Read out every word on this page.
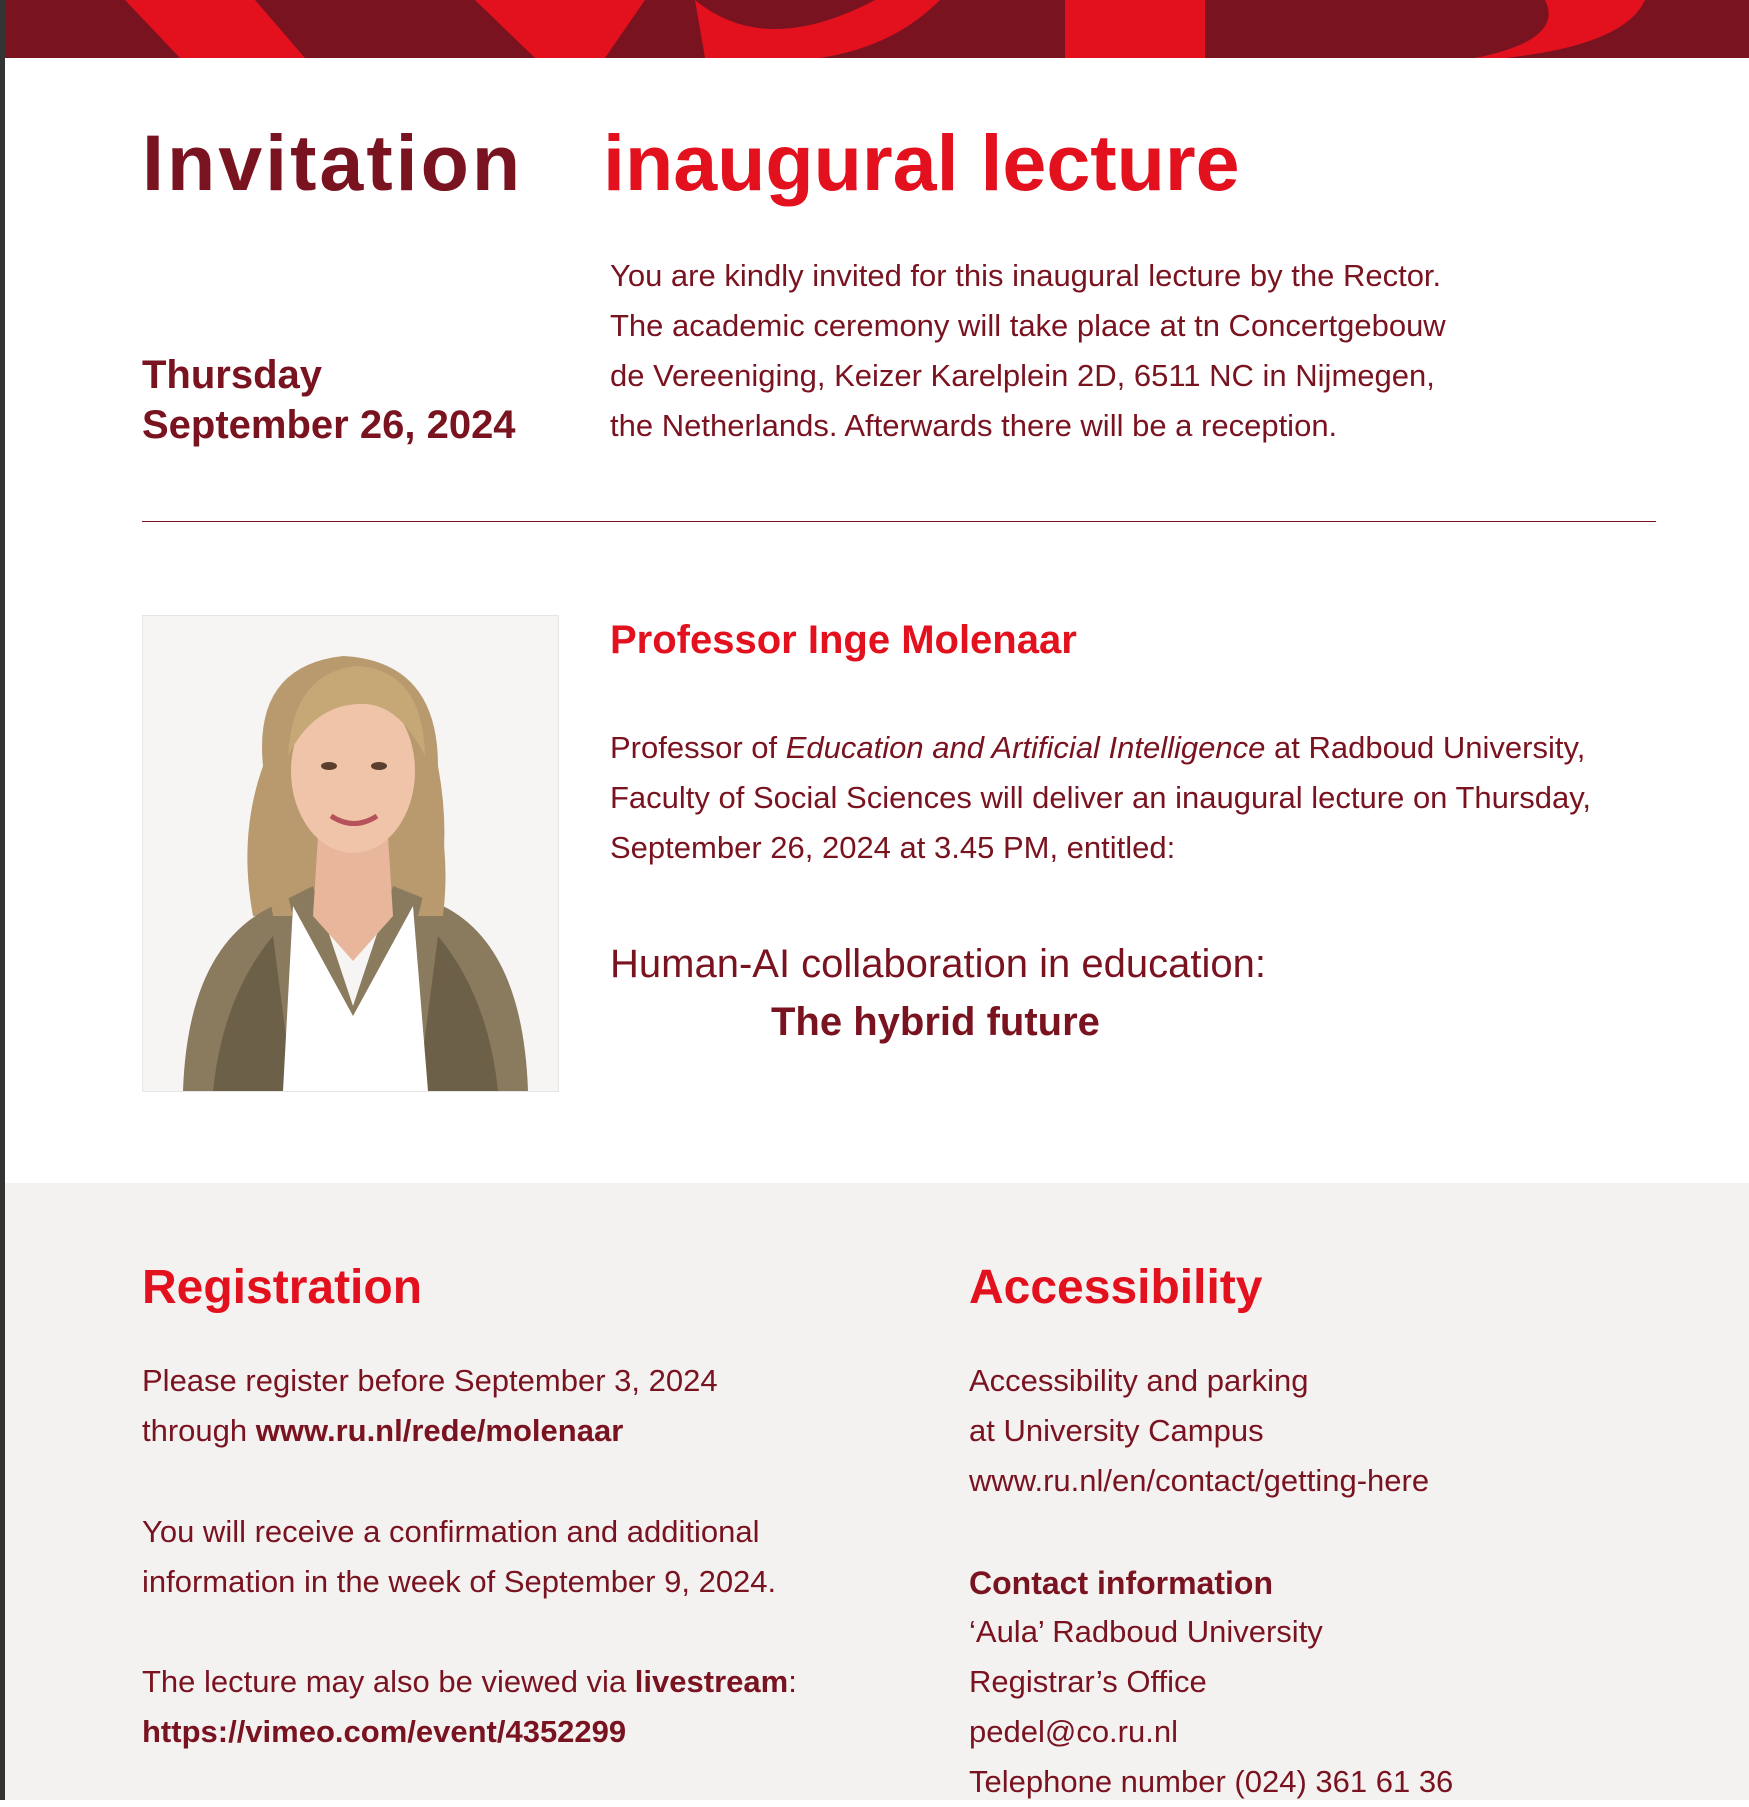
Invitation inaugural lecture
Thursday
September 26, 2024
You are kindly invited for this inaugural lecture by the Rector.
The academic ceremony will take place at tn Concertgebouw
de Vereeniging, Keizer Karelplein 2D, 6511 NC in Nijmegen,
the Netherlands. Afterwards there will be a reception.
Professor Inge Molenaar
Professor of Education and Artificial Intelligence at Radboud University,
Faculty of Social Sciences will deliver an inaugural lecture on Thursday,
September 26, 2024 at 3.45 PM, entitled:
Human-AI collaboration in education:
The hybrid future
Registration
Please register before September 3, 2024
through www.ru.nl/rede/molenaar
You will receive a confirmation and additional
information in the week of September 9, 2024.
The lecture may also be viewed via livestream:
https://vimeo.com/event/4352299
Accessibility
Accessibility and parking
at University Campus
www.ru.nl/en/contact/getting-here
Contact information
‘Aula’ Radboud University
Registrar’s Office
pedel@co.ru.nl
Telephone number (024) 361 61 36
